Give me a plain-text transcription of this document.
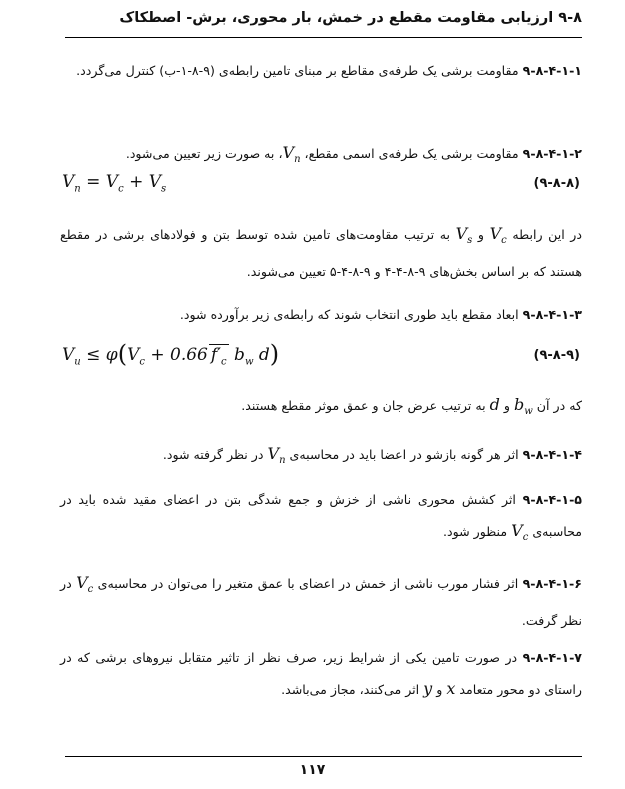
۹-۸ ارزیابی مقاومت مقطع در خمش، بار محوری، برش- اصطکاک
۹-۸-۴-۱-۱ مقاومت برشی یک طرفه‌ی مقاطع بر مبنای تامین رابطه‌ی (۹-۸-۱-ب) کنترل می‌گردد.
۹-۸-۴-۱-۲ مقاومت برشی یک طرفه‌ی اسمی مقطع، $V_n،$ به صورت زیر تعیین می‌شود.
$V_n = V_c + V_s$	(۹-۸-۸)
در این رابطه $V_c$ و $V_s$ به ترتیب مقاومت‌های تامین شده توسط بتن و فولادهای برشی در مقطع هستند که بر اساس بخش‌های ۹-۸-۴-۴ و ۹-۸-۴-۵ تعیین می‌شوند.
۹-۸-۴-۱-۳ ابعاد مقطع باید طوری انتخاب شوند که رابطه‌ی زیر برآورده شود.
$V_u \le \varphi(V_c + 0.66$ $f'_c$ $b_w$ d)	(۹-۸-۹)
که در آن $b_w$ و d به ترتیب عرض جان و عمق موثر مقطع هستند.
۹-۸-۴-۱-۴ اثر هر گونه بازشو در اعضا باید در محاسبه‌ی $V_n$ در نظر گرفته شود.
۹-۸-۴-۱-۵ اثر کشش محوری ناشی از خزش و جمع شدگی بتن در اعضای مقید شده باید در محاسبه‌ی $V_c$ منظور شود.
۹-۸-۴-۱-۶ اثر فشار مورب ناشی از خمش در اعضای با عمق متغیر را می‌توان در محاسبه‌ی $V_c$ در نظر گرفت.
۹-۸-۴-۱-۷ در صورت تامین یکی از شرایط زیر، صرف نظر از تاثیر متقابل نیروهای برشی که در راستای دو محور متعامد x و y اثر می‌کنند، مجاز می‌باشد.
۱۱۷
